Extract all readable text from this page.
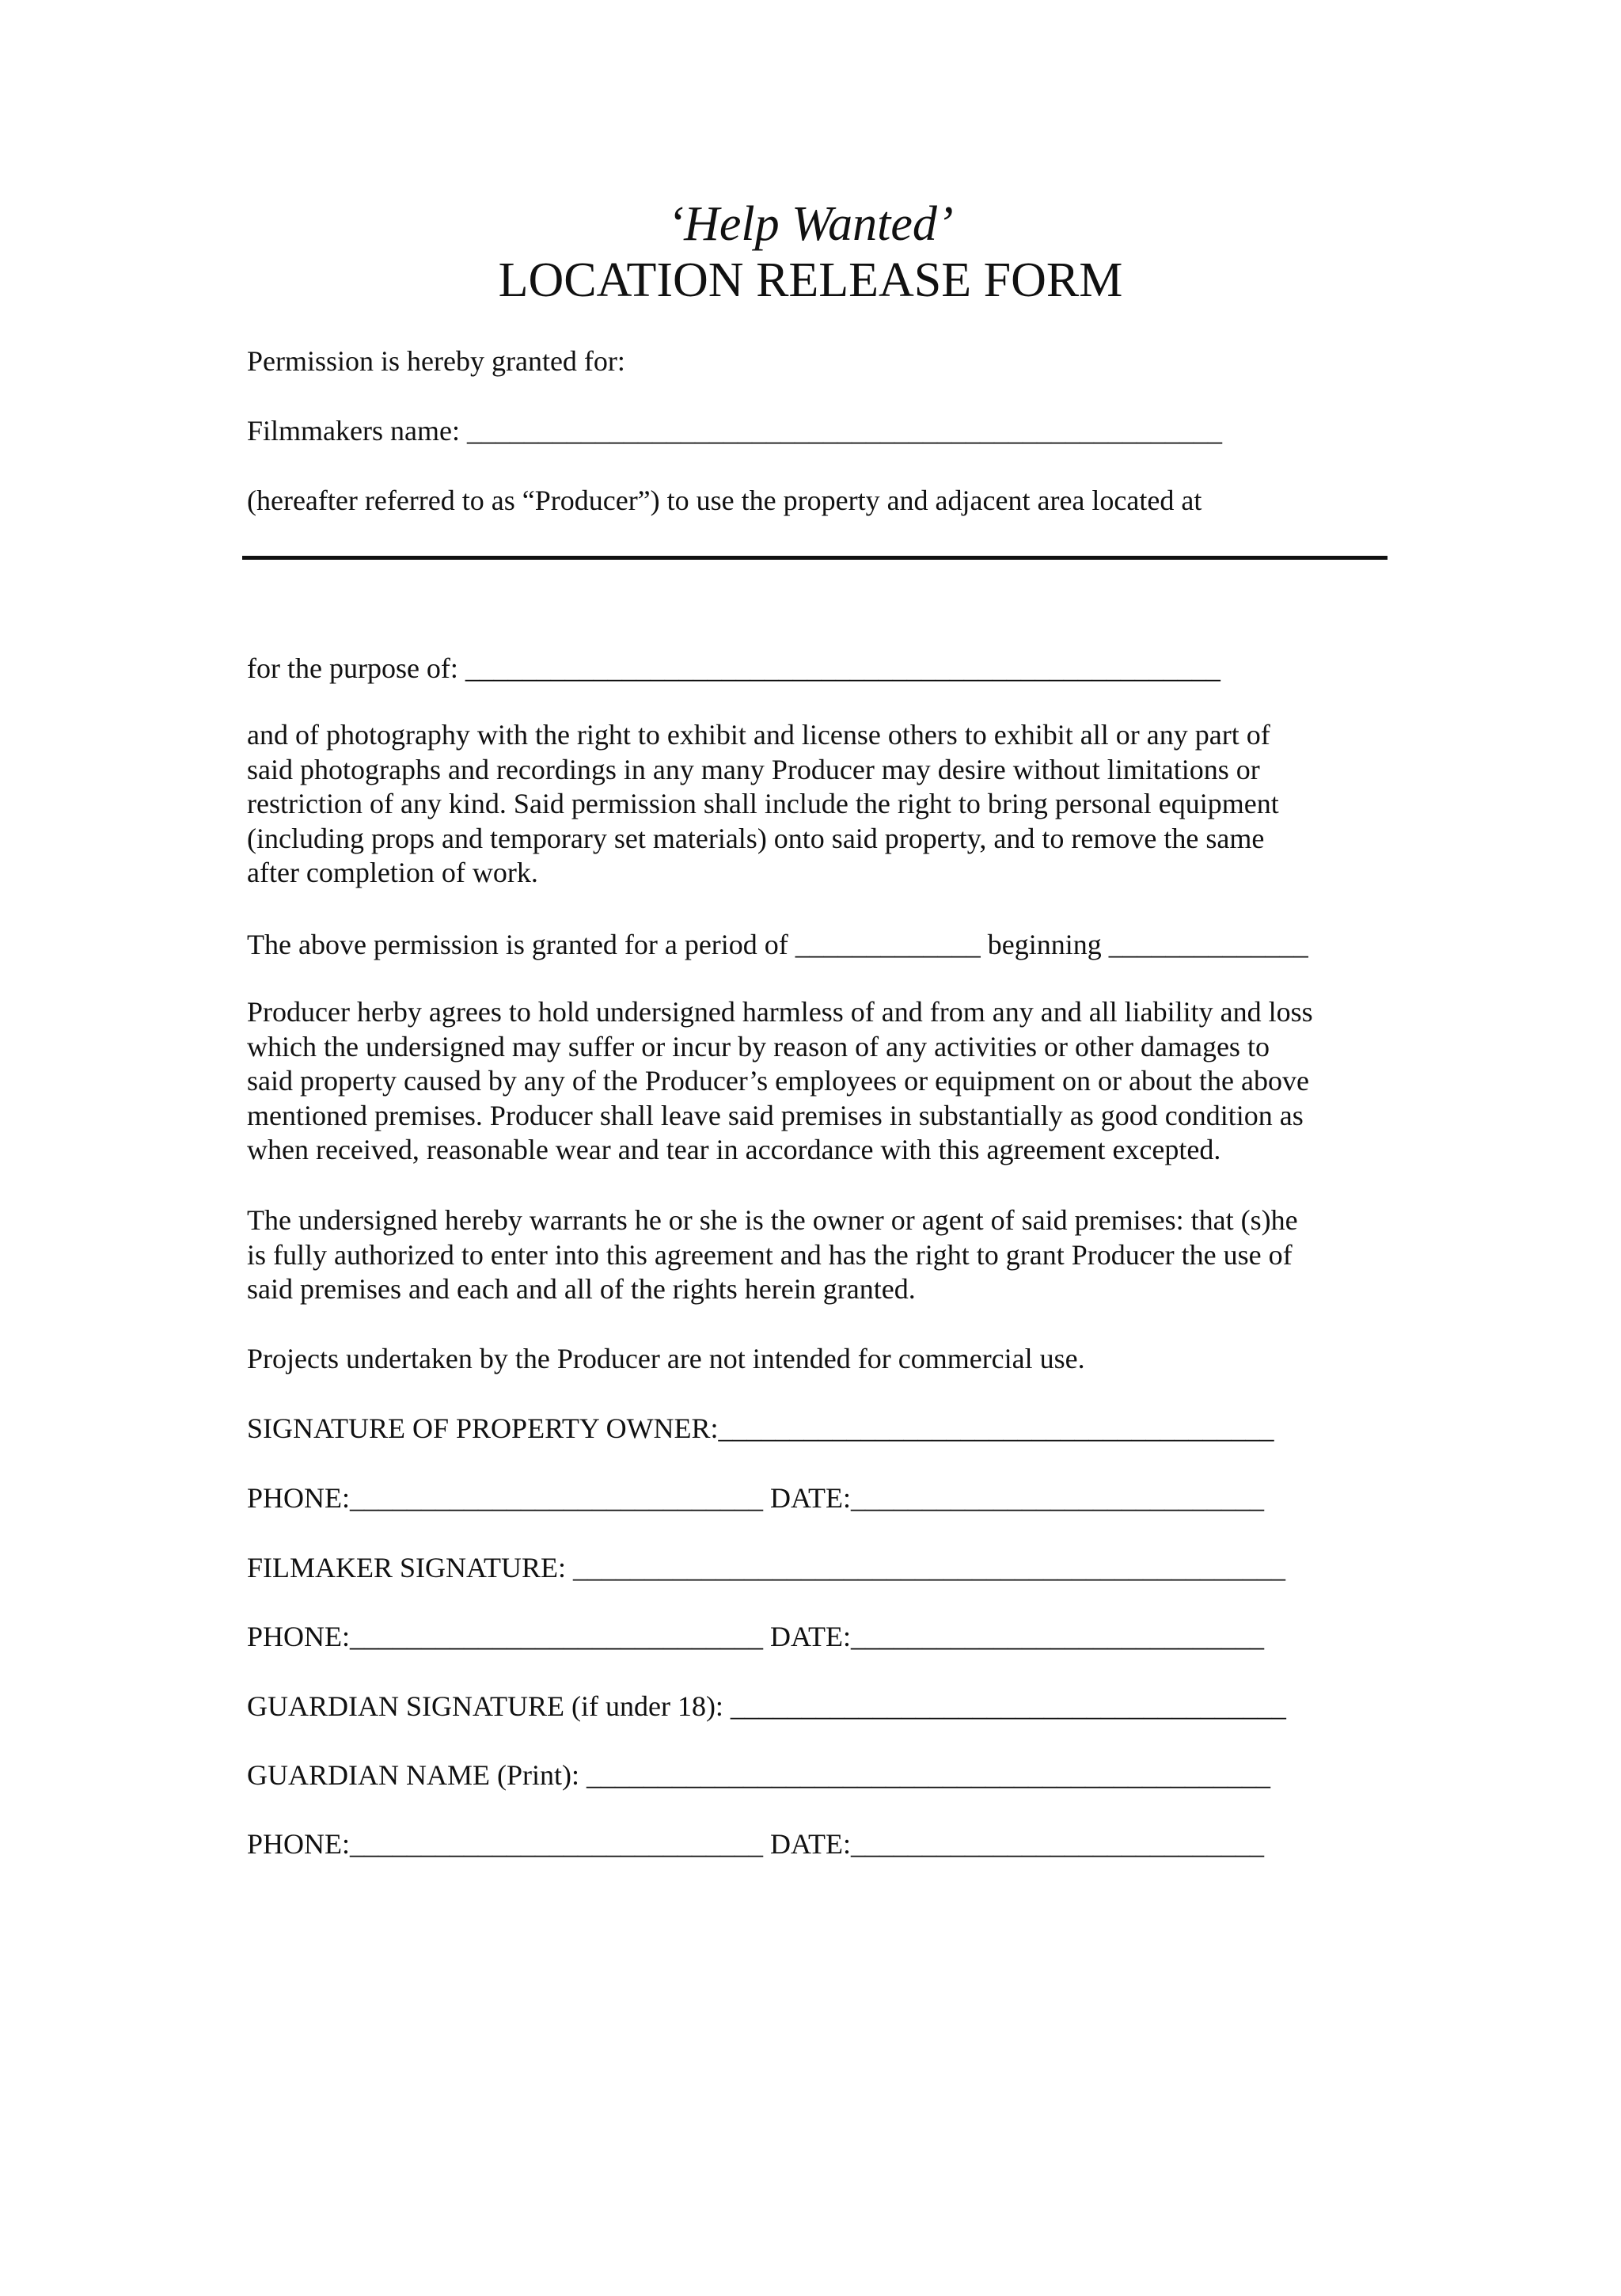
‘Help Wanted’
LOCATION RELEASE FORM
Permission is hereby granted for:
Filmmakers name: _____________________________________________________
(hereafter referred to as “Producer”) to use the property and adjacent area located at
for the purpose of: _____________________________________________________
and of photography with the right to exhibit and license others to exhibit all or any part of
said photographs and recordings in any many Producer may desire without limitations or
restriction of any kind. Said permission shall include the right to bring personal equipment
(including props and temporary set materials) onto said property, and to remove the same
after completion of work.
The above permission is granted for a period of _____________ beginning ______________
Producer herby agrees to hold undersigned harmless of and from any and all liability and loss
which the undersigned may suffer or incur by reason of any activities or other damages to
said property caused by any of the Producer’s employees or equipment on or about the above
mentioned premises. Producer shall leave said premises in substantially as good condition as
when received, reasonable wear and tear in accordance with this agreement excepted.
The undersigned hereby warrants he or she is the owner or agent of said premises: that (s)he
is fully authorized to enter into this agreement and has the right to grant Producer the use of
said premises and each and all of the rights herein granted.
Projects undertaken by the Producer are not intended for commercial use.
SIGNATURE OF PROPERTY OWNER:_______________________________________
PHONE:_____________________________ DATE:_____________________________
FILMAKER SIGNATURE: __________________________________________________
PHONE:_____________________________ DATE:_____________________________
GUARDIAN SIGNATURE (if under 18): _______________________________________
GUARDIAN NAME (Print): ________________________________________________
PHONE:_____________________________ DATE:_____________________________
